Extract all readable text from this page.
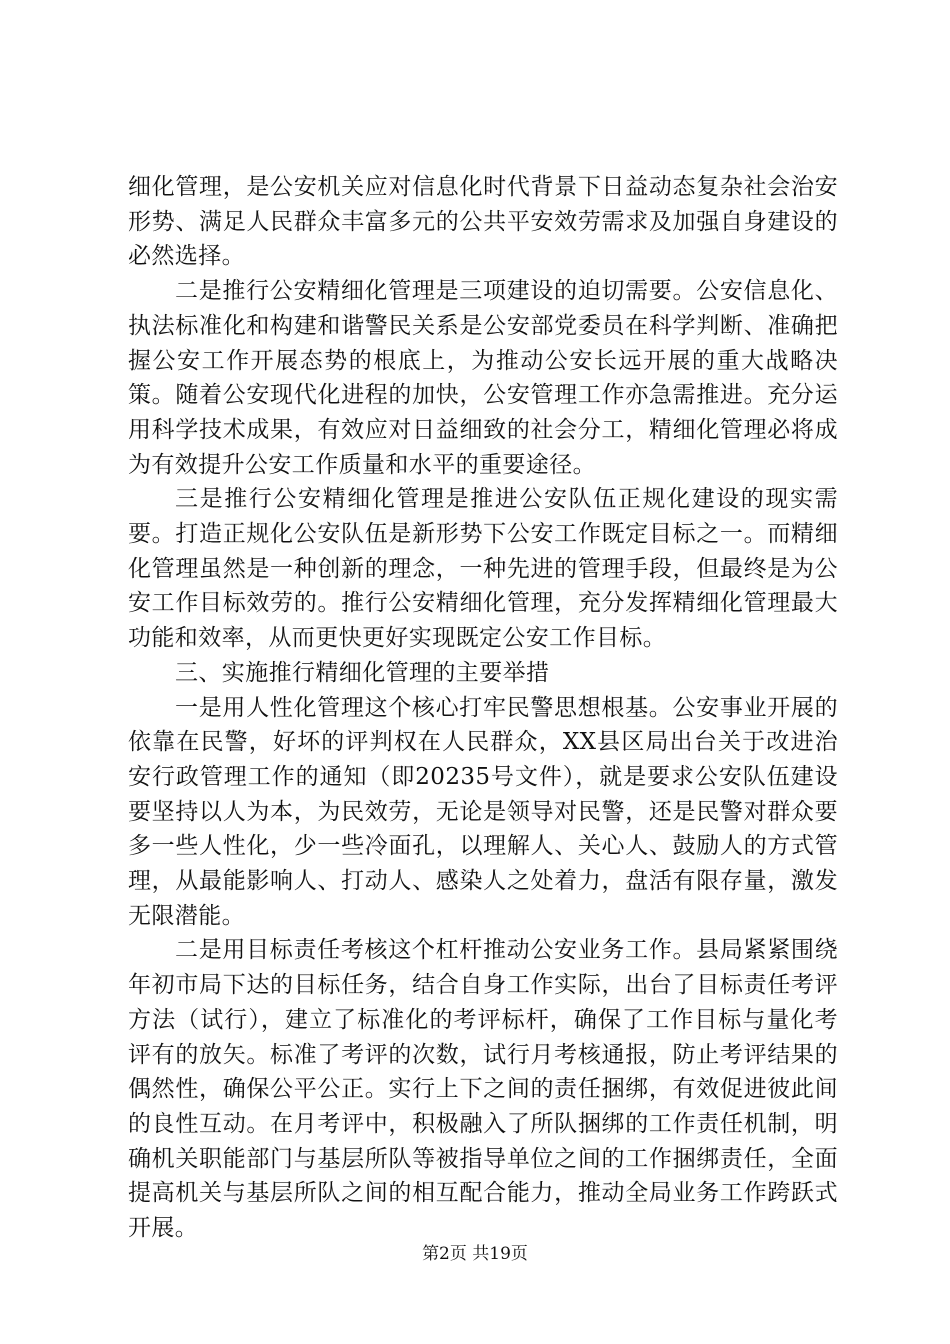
细化管理，是公安机关应对信息化时代背景下日益动态复杂社会治安形势、满足人民群众丰富多元的公共平安效劳需求及加强自身建设的必然选择。

二是推行公安精细化管理是三项建设的迫切需要。公安信息化、执法标准化和构建和谐警民关系是公安部党委员在科学判断、准确把握公安工作开展态势的根底上，为推动公安长远开展的重大战略决策。随着公安现代化进程的加快，公安管理工作亦急需推进。充分运用科学技术成果，有效应对日益细致的社会分工，精细化管理必将成为有效提升公安工作质量和水平的重要途径。

三是推行公安精细化管理是推进公安队伍正规化建设的现实需要。打造正规化公安队伍是新形势下公安工作既定目标之一。而精细化管理虽然是一种创新的理念，一种先进的管理手段，但最终是为公安工作目标效劳的。推行公安精细化管理，充分发挥精细化管理最大功能和效率，从而更快更好实现既定公安工作目标。

三、实施推行精细化管理的主要举措

一是用人性化管理这个核心打牢民警思想根基。公安事业开展的依靠在民警，好坏的评判权在人民群众，XX县区局出台关于改进治安行政管理工作的通知（即20235号文件），就是要求公安队伍建设要坚持以人为本，为民效劳，无论是领导对民警，还是民警对群众要多一些人性化，少一些冷面孔，以理解人、关心人、鼓励人的方式管理，从最能影响人、打动人、感染人之处着力，盘活有限存量，激发无限潜能。

二是用目标责任考核这个杠杆推动公安业务工作。县局紧紧围绕年初市局下达的目标任务，结合自身工作实际，出台了目标责任考评方法（试行），建立了标准化的考评标杆，确保了工作目标与量化考评有的放矢。标准了考评的次数，试行月考核通报，防止考评结果的偶然性，确保公平公正。实行上下之间的责任捆绑，有效促进彼此间的良性互动。在月考评中，积极融入了所队捆绑的工作责任机制，明确机关职能部门与基层所队等被指导单位之间的工作捆绑责任，全面提高机关与基层所队之间的相互配合能力，推动全局业务工作跨跃式开展。

第2页 共19页
